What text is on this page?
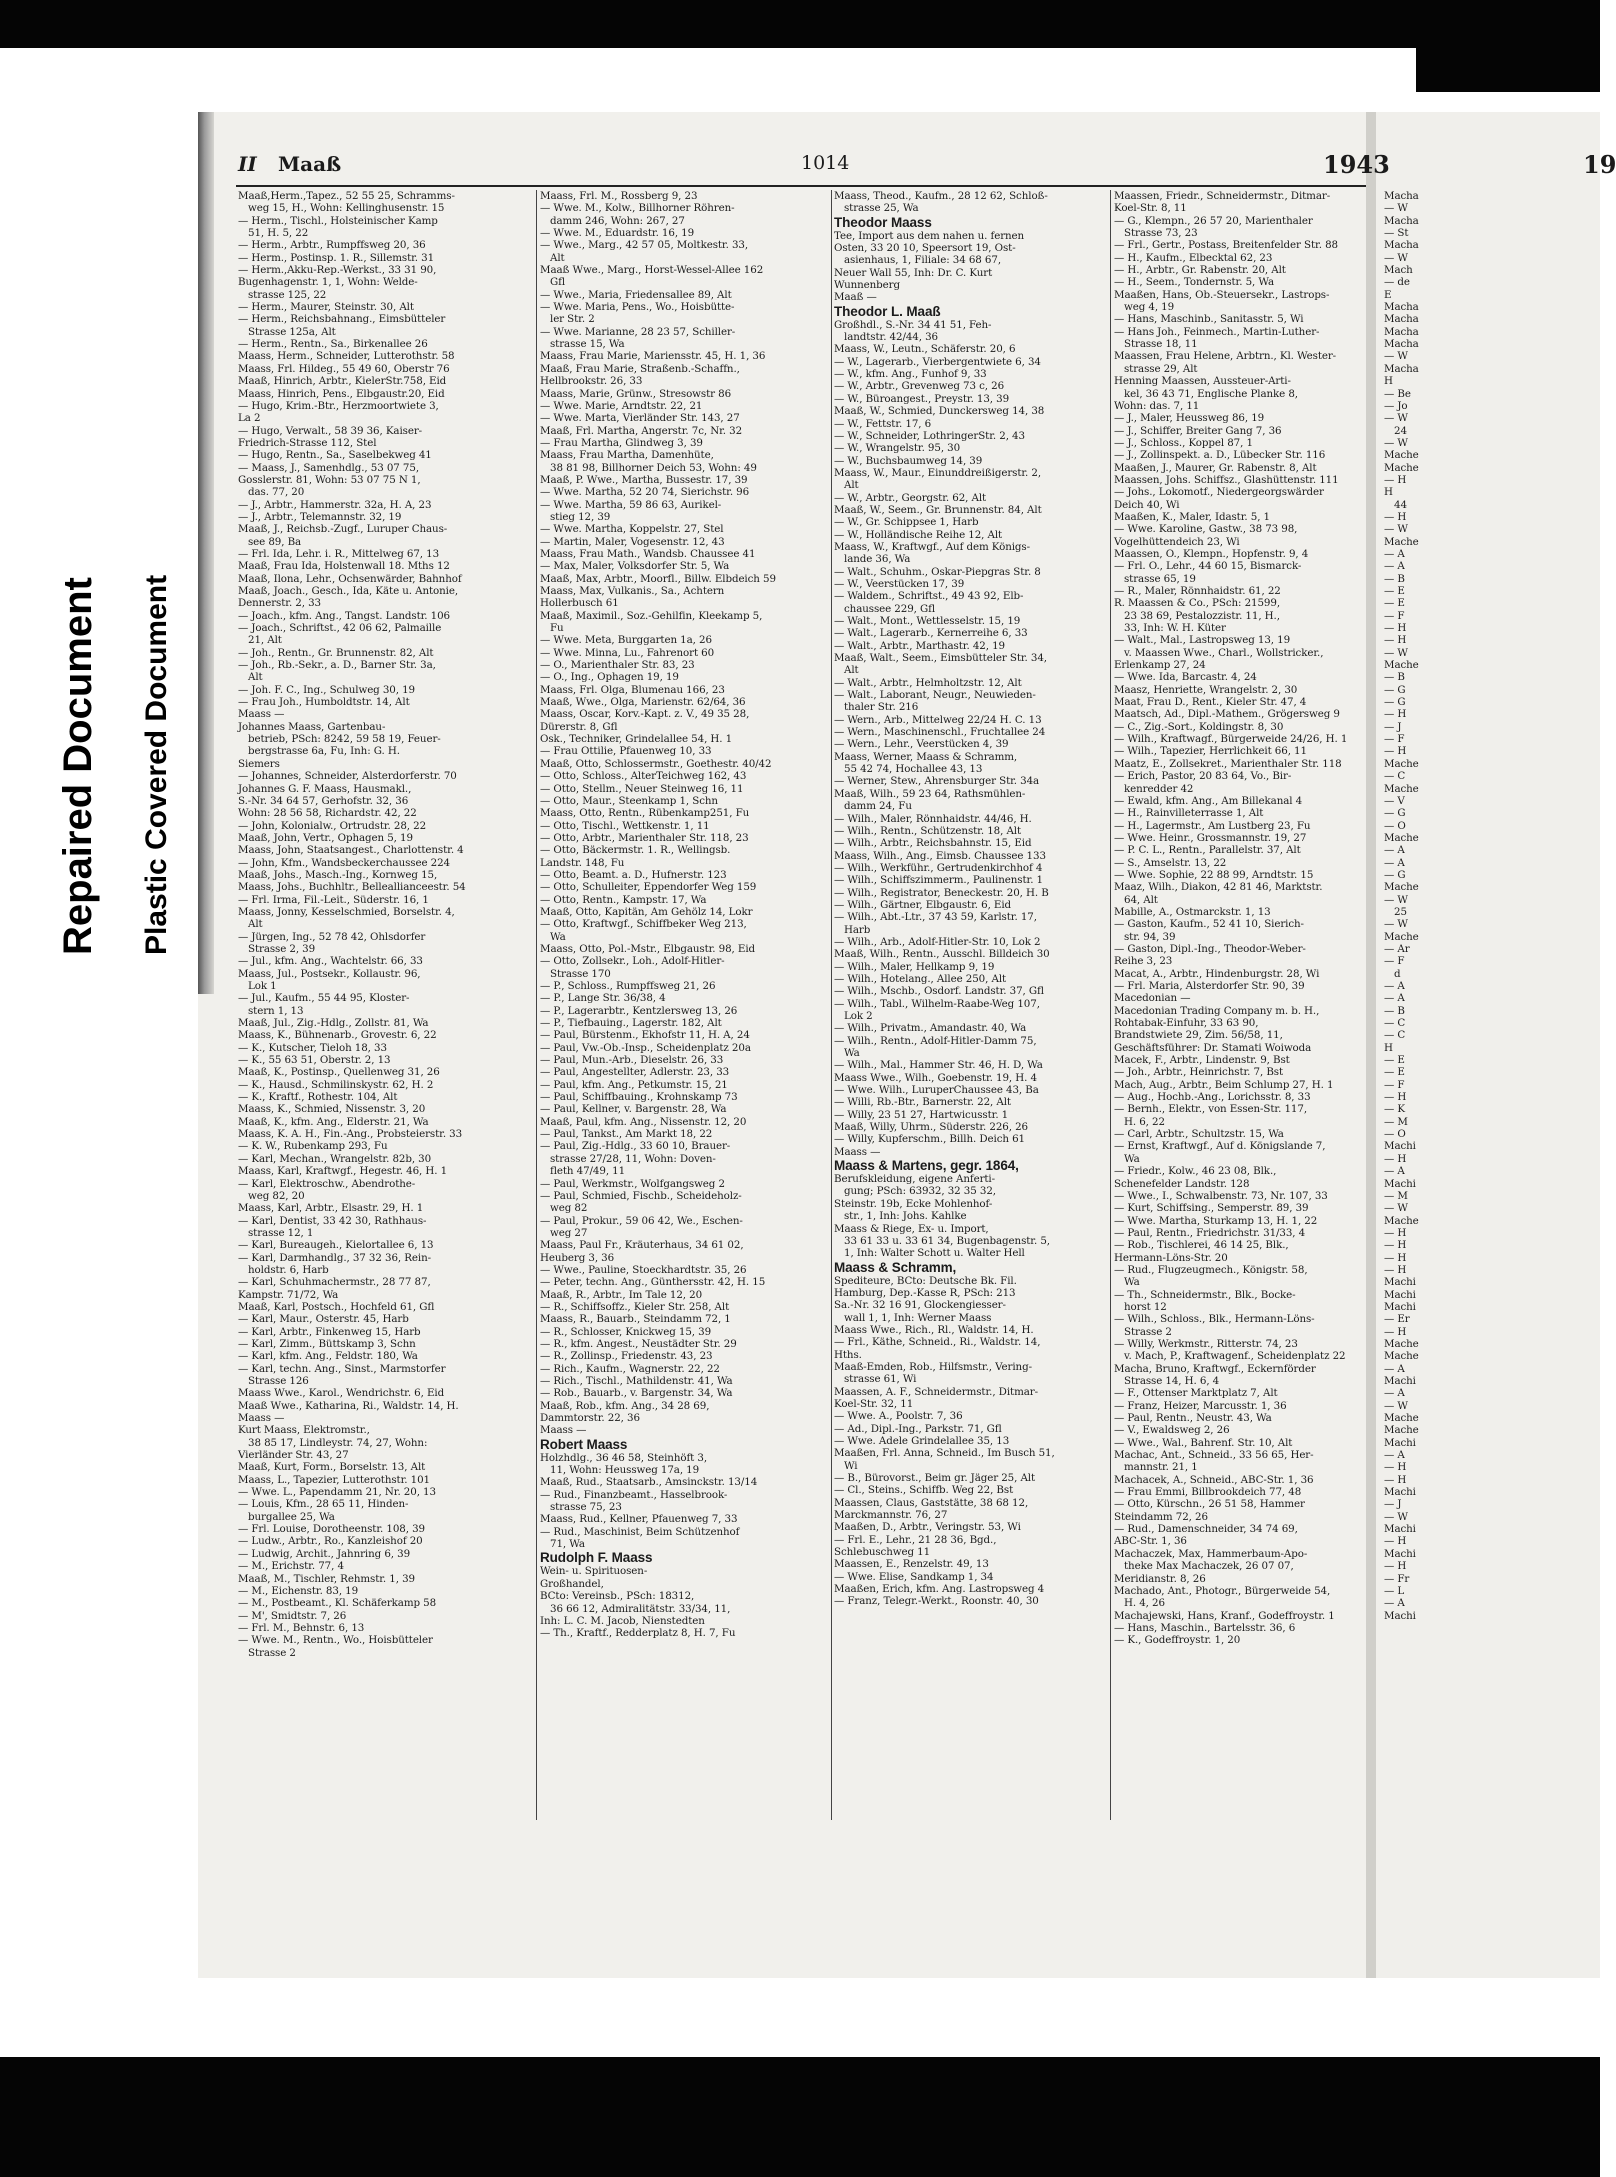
Repaired Document Plastic Covered Document
II Maaß	1014	1943	19
Maaß,Herm.,Tapez., 52 55 25, Schramms-
weg 15, H., Wohn: Kellinghusenstr. 15
— Herm., Tischl., Holsteinischer Kamp
51, H. 5, 22
— Herm., Arbtr., Rumpffsweg 20, 36
— Herm., Postinsp. 1. R., Sillemstr. 31
— Herm.,Akku-Rep.-Werkst., 33 31 90,
Bugenhagenstr. 1, 1, Wohn: Welde-
strasse 125, 22
— Herm., Maurer, Steinstr. 30, Alt
— Herm., Reichsbahnang., Eimsbütteler
Strasse 125a, Alt
— Herm., Rentn., Sa., Birkenallee 26
Maass, Herm., Schneider, Lutterothstr. 58
Maass, Frl. Hildeg., 55 49 60, Oberstr 76
Maaß, Hinrich, Arbtr., KielerStr.758, Eid
Maass, Hinrich, Pens., Elbgaustr.20, Eid
— Hugo, Krim.-Btr., Herzmoortwiete 3,
La 2
— Hugo, Verwalt., 58 39 36, Kaiser-
Friedrich-Strasse 112, Stel
— Hugo, Rentn., Sa., Saselbekweg 41
— Maass, J., Samenhdlg., 53 07 75,
Gosslerstr. 81, Wohn: 53 07 75 N 1,
das. 77, 20
— J., Arbtr., Hammerstr. 32a, H. A, 23
— J., Arbtr., Telemannstr. 32, 19
Maaß, J., Reichsb.-Zugf., Luruper Chaus-
see 89, Ba
— Frl. Ida, Lehr. i. R., Mittelweg 67, 13
Maaß, Frau Ida, Holstenwall 18. Mths 12
Maaß, Ilona, Lehr., Ochsenwärder, Bahnhof
Maaß, Joach., Gesch., Ida, Käte u. Antonie,
Dennerstr. 2, 33
— Joach., kfm. Ang., Tangst. Landstr. 106
— Joach., Schriftst., 42 06 62, Palmaille
21, Alt
— Joh., Rentn., Gr. Brunnenstr. 82, Alt
— Joh., Rb.-Sekr., a. D., Barner Str. 3a,
Alt
— Joh. F. C., Ing., Schulweg 30, 19
— Frau Joh., Humboldtstr. 14, Alt
Maass —
Johannes Maass, Gartenbau-
betrieb, PSch: 8242, 59 58 19, Feuer-
bergstrasse 6a, Fu, Inh: G. H.
Siemers
— Johannes, Schneider, Alsterdorferstr. 70
Johannes G. F. Maass, Hausmakl.,
S.-Nr. 34 64 57, Gerhofstr. 32, 36
Wohn: 28 56 58, Richardstr. 42, 22
— John, Kolonialw., Ortrudstr. 28, 22
Maaß, John, Vertr., Ophagen 5, 19
Maass, John, Staatsangest., Charlottenstr. 4
— John, Kfm., Wandsbeckerchaussee 224
Maaß, Johs., Masch.-Ing., Kornweg 15,
Maass, Johs., Buchhltr., Belleallianceestr. 54
— Frl. Irma, Fil.-Leit., Süderstr. 16, 1
Maass, Jonny, Kesselschmied, Borselstr. 4,
Alt
— Jürgen, Ing., 52 78 42, Ohlsdorfer
Strasse 2, 39
— Jul., kfm. Ang., Wachtelstr. 66, 33
Maass, Jul., Postsekr., Kollaustr. 96,
Lok 1
— Jul., Kaufm., 55 44 95, Kloster-
stern 1, 13
Maaß, Jul., Zig.-Hdlg., Zollstr. 81, Wa
Maass, K., Bühnenarb., Grovestr. 6, 22
— K., Kutscher, Tieloh 18, 33
— K., 55 63 51, Oberstr. 2, 13
Maaß, K., Postinsp., Quellenweg 31, 26
— K., Hausd., Schmilinskystr. 62, H. 2
— K., Kraftf., Rothestr. 104, Alt
Maass, K., Schmied, Nissenstr. 3, 20
Maaß, K., kfm. Ang., Elderstr. 21, Wa
Maass, K. A. H., Fin.-Ang., Probsteierstr. 33
— K. W., Rubenkamp 293, Fu
— Karl, Mechan., Wrangelstr. 82b, 30
Maass, Karl, Kraftwgf., Hegestr. 46, H. 1
— Karl, Elektroschw., Abendrothe-
weg 82, 20
Maass, Karl, Arbtr., Elsastr. 29, H. 1
— Karl, Dentist, 33 42 30, Rathhaus-
strasse 12, 1
— Karl, Bureaugeh., Kielortallee 6, 13
— Karl, Darmhandlg., 37 32 36, Rein-
holdstr. 6, Harb
— Karl, Schuhmachermstr., 28 77 87,
Kampstr. 71/72, Wa
Maaß, Karl, Postsch., Hochfeld 61, Gfl
— Karl, Maur., Osterstr. 45, Harb
— Karl, Arbtr., Finkenweg 15, Harb
— Karl, Zimm., Büttskamp 3, Schn
— Karl, kfm. Ang., Feldstr. 180, Wa
— Karl, techn. Ang., Sinst., Marmstorfer
Strasse 126
Maass Wwe., Karol., Wendrichstr. 6, Eid
Maaß Wwe., Katharina, Ri., Waldstr. 14, H.
Maass —
Kurt Maass, Elektromstr.,
38 85 17, Lindleystr. 74, 27, Wohn:
Vierländer Str. 43, 27
Maaß, Kurt, Form., Borselstr. 13, Alt
Maass, L., Tapezier, Lutterothstr. 101
— Wwe. L., Papendamm 21, Nr. 20, 13
— Louis, Kfm., 28 65 11, Hinden-
burgallee 25, Wa
— Frl. Louise, Dorotheenstr. 108, 39
— Ludw., Arbtr., Ro., Kanzleishof 20
— Ludwig, Archit., Jahnring 6, 39
— M., Erichstr. 77, 4
Maaß, M., Tischler, Rehmstr. 1, 39
— M., Eichenstr. 83, 19
— M., Postbeamt., Kl. Schäferkamp 58
— M', Smidtstr. 7, 26
— Frl. M., Behnstr. 6, 13
— Wwe. M., Rentn., Wo., Hoisbütteler
Strasse 2
Maass, Frl. M., Rossberg 9, 23
— Wwe. M., Kolw., Billhorner Röhren-
damm 246, Wohn: 267, 27
— Wwe. M., Eduardstr. 16, 19
— Wwe., Marg., 42 57 05, Moltkestr. 33,
Alt
Maaß Wwe., Marg., Horst-Wessel-Allee 162
Gfl
— Wwe., Maria, Friedensallee 89, Alt
— Wwe. Maria, Pens., Wo., Hoisbütte-
ler Str. 2
— Wwe. Marianne, 28 23 57, Schiller-
strasse 15, Wa
Maass, Frau Marie, Mariensstr. 45, H. 1, 36
Maaß, Frau Marie, Straßenb.-Schaffn.,
Hellbrookstr. 26, 33
Maass, Marie, Grünw., Stresowstr 86
— Wwe. Marie, Arndtstr. 22, 21
— Wwe. Marta, Vierländer Str. 143, 27
Maaß, Frl. Martha, Angerstr. 7c, Nr. 32
— Frau Martha, Glindweg 3, 39
Maass, Frau Martha, Damenhüte,
38 81 98, Billhorner Deich 53, Wohn: 49
Maaß, P. Wwe., Martha, Bussestr. 17, 39
— Wwe. Martha, 52 20 74, Sierichstr. 96
— Wwe. Martha, 59 86 63, Aurikel-
stieg 12, 39
— Wwe. Martha, Koppelstr. 27, Stel
— Martin, Maler, Vogesenstr. 12, 43
Maass, Frau Math., Wandsb. Chaussee 41
— Max, Maler, Volksdorfer Str. 5, Wa
Maaß, Max, Arbtr., Moorfl., Billw. Elbdeich 59
Maass, Max, Vulkanis., Sa., Achtern
Hollerbusch 61
Maaß, Maximil., Soz.-Gehilfin, Kleekamp 5,
Fu
— Wwe. Meta, Burggarten 1a, 26
— Wwe. Minna, Lu., Fahrenort 60
— O., Marienthaler Str. 83, 23
— O., Ing., Ophagen 19, 19
Maass, Frl. Olga, Blumenau 166, 23
Maaß, Wwe., Olga, Marienstr. 62/64, 36
Maass, Oscar, Korv.-Kapt. z. V., 49 35 28,
Dürerstr. 8, Gfl
Osk., Techniker, Grindelallee 54, H. 1
— Frau Ottilie, Pfauenweg 10, 33
Maaß, Otto, Schlossermstr., Goethestr. 40/42
— Otto, Schloss., AlterTeichweg 162, 43
— Otto, Stellm., Neuer Steinweg 16, 11
— Otto, Maur., Steenkamp 1, Schn
Maass, Otto, Rentn., Rübenkamp251, Fu
— Otto, Tischl., Wettkenstr. 1, 11
— Otto, Arbtr., Marienthaler Str. 118, 23
— Otto, Bäckermstr. 1. R., Wellingsb.
Landstr. 148, Fu
— Otto, Beamt. a. D., Hufnerstr. 123
— Otto, Schulleiter, Eppendorfer Weg 159
— Otto, Rentn., Kampstr. 17, Wa
Maaß, Otto, Kapitän, Am Gehölz 14, Lokr
— Otto, Kraftwgf., Schiffbeker Weg 213,
Wa
Maass, Otto, Pol.-Mstr., Elbgaustr. 98, Eid
— Otto, Zollsekr., Loh., Adolf-Hitler-
Strasse 170
— P., Schloss., Rumpffsweg 21, 26
— P., Lange Str. 36/38, 4
— P., Lagerarbtr., Kentzlersweg 13, 26
— P., Tiefbauing., Lagerstr. 182, Alt
— Paul, Bürstenm., Ekhofstr 11, H. A, 24
— Paul, Vw.-Ob.-Insp., Scheidenplatz 20a
— Paul, Mun.-Arb., Dieselstr. 26, 33
— Paul, Angestellter, Adlerstr. 23, 33
— Paul, kfm. Ang., Petkumstr. 15, 21
— Paul, Schiffbauing., Krohnskamp 73
— Paul, Kellner, v. Bargenstr. 28, Wa
Maaß, Paul, kfm. Ang., Nissenstr. 12, 20
— Paul, Tankst., Am Markt 18, 22
— Paul, Zig.-Hdlg., 33 60 10, Brauer-
strasse 27/28, 11, Wohn: Doven-
fleth 47/49, 11
— Paul, Werkmstr., Wolfgangsweg 2
— Paul, Schmied, Fischb., Scheideholz-
weg 82
— Paul, Prokur., 59 06 42, We., Eschen-
weg 27
Maass, Paul Fr., Kräuterhaus, 34 61 02,
Heuberg 3, 36
— Wwe., Pauline, Stoeckhardtstr. 35, 26
— Peter, techn. Ang., Günthersstr. 42, H. 15
Maaß, R., Arbtr., Im Tale 12, 20
— R., Schiffsoffz., Kieler Str. 258, Alt
Maass, R., Bauarb., Steindamm 72, 1
— R., Schlosser, Knickweg 15, 39
— R., kfm. Angest., Neustädter Str. 29
— R., Zollinsp., Friedenstr. 43, 23
— Rich., Kaufm., Wagnerstr. 22, 22
— Rich., Tischl., Mathildenstr. 41, Wa
— Rob., Bauarb., v. Bargenstr. 34, Wa
Maaß, Rob., kfm. Ang., 34 28 69,
Dammtorstr. 22, 36
Maass —
Robert Maass
Holzhdlg., 36 46 58, Steinhöft 3,
11, Wohn: Heussweg 17a, 19
Maaß, Rud., Staatsarb., Amsinckstr. 13/14
— Rud., Finanzbeamt., Hasselbrook-
strasse 75, 23
Maass, Rud., Kellner, Pfauenweg 7, 33
— Rud., Maschinist, Beim Schützenhof
71, Wa
Rudolph F. Maass
Wein- u. Spirituosen-
Großhandel,
BCto: Vereinsb., PSch: 18312,
36 66 12, Admiralitätstr. 33/34, 11,
Inh: L. C. M. Jacob, Nienstedten
— Th., Kraftf., Redderplatz 8, H. 7, Fu
Maass, Theod., Kaufm., 28 12 62, Schloß-
strasse 25, Wa
Theodor Maass
Tee, Import aus dem nahen u. fernen
Osten, 33 20 10, Speersort 19, Ost-
asienhaus, 1, Filiale: 34 68 67,
Neuer Wall 55, Inh: Dr. C. Kurt
Wunnenberg
Maaß —
Theodor L. Maaß
Großhdl., S.-Nr. 34 41 51, Feh-
landtstr. 42/44, 36
Maass, W., Leutn., Schäferstr. 20, 6
— W., Lagerarb., Vierbergentwiete 6, 34
— W., kfm. Ang., Funhof 9, 33
— W., Arbtr., Grevenweg 73 c, 26
— W., Büroangest., Preystr. 13, 39
Maaß, W., Schmied, Dunckersweg 14, 38
— W., Fettstr. 17, 6
— W., Schneider, LothringerStr. 2, 43
— W., Wrangelstr. 95, 30
— W., Buchsbaumweg 14, 39
Maass, W., Maur., Einunddreißigerstr. 2,
Alt
— W., Arbtr., Georgstr. 62, Alt
Maaß, W., Seem., Gr. Brunnenstr. 84, Alt
— W., Gr. Schippsee 1, Harb
— W., Holländische Reihe 12, Alt
Maass, W., Kraftwgf., Auf dem Königs-
lande 36, Wa
— Walt., Schuhm., Oskar-Piepgras Str. 8
— W., Veerstücken 17, 39
— Waldem., Schriftst., 49 43 92, Elb-
chaussee 229, Gfl
— Walt., Mont., Wettlesselstr. 15, 19
— Walt., Lagerarb., Kernerreihe 6, 33
— Walt., Arbtr., Marthastr. 42, 19
Maaß, Walt., Seem., Eimsbütteler Str. 34,
Alt
— Walt., Arbtr., Helmholtzstr. 12, Alt
— Walt., Laborant, Neugr., Neuwieden-
thaler Str. 216
— Wern., Arb., Mittelweg 22/24 H. C. 13
— Wern., Maschinenschl., Fruchtallee 24
— Wern., Lehr., Veerstücken 4, 39
Maass, Werner, Maass & Schramm,
55 42 74, Hochallee 43, 13
— Werner, Stew., Ahrensburger Str. 34a
Maaß, Wilh., 59 23 64, Rathsmühlen-
damm 24, Fu
— Wilh., Maler, Rönnhaidstr. 44/46, H.
— Wilh., Rentn., Schützenstr. 18, Alt
— Wilh., Arbtr., Reichsbahnstr. 15, Eid
Maass, Wilh., Ang., Eimsb. Chaussee 133
— Wilh., Werkführ., Gertrudenkirchhof 4
— Wilh., Schiffszimmerm., Paulinenstr. 1
— Wilh., Registrator, Beneckestr. 20, H. B
— Wilh., Gärtner, Elbgaustr. 6, Eid
— Wilh., Abt.-Ltr., 37 43 59, Karlstr. 17,
Harb
— Wilh., Arb., Adolf-Hitler-Str. 10, Lok 2
Maaß, Wilh., Rentn., Ausschl. Billdeich 30
— Wilh., Maler, Hellkamp 9, 19
— Wilh., Hotelang., Allee 250, Alt
— Wilh., Mschb., Osdorf. Landstr. 37, Gfl
— Wilh., Tabl., Wilhelm-Raabe-Weg 107,
Lok 2
— Wilh., Privatm., Amandastr. 40, Wa
— Wilh., Rentn., Adolf-Hitler-Damm 75,
Wa
— Wilh., Mal., Hammer Str. 46, H. D, Wa
Maass Wwe., Wilh., Goebenstr. 19, H. 4
— Wwe. Wilh., LuruperChaussee 43, Ba
— Willi, Rb.-Btr., Barnerstr. 22, Alt
— Willy, 23 51 27, Hartwicusstr. 1
Maaß, Willy, Uhrm., Süderstr. 226, 26
— Willy, Kupferschm., Billh. Deich 61
Maass —
Maass & Martens, gegr. 1864,
Berufskleidung, eigene Anferti-
gung; PSch: 63932, 32 35 32,
Steinstr. 19b, Ecke Mohlenhof-
str., 1, Inh: Johs. Kahlke
Maass & Riege, Ex- u. Import,
33 61 33 u. 33 61 34, Bugenbagenstr. 5,
1, Inh: Walter Schott u. Walter Hell
Maass & Schramm,
Spediteure, BCto: Deutsche Bk. Fil.
Hamburg, Dep.-Kasse R, PSch: 213
Sa.-Nr. 32 16 91, Glockengiesser-
wall 1, 1, Inh: Werner Maass
Maass Wwe., Rich., Rl., Waldstr. 14, H.
— Frl., Käthe, Schneid., Ri., Waldstr. 14,
Hths.
Maaß-Emden, Rob., Hilfsmstr., Vering-
strasse 61, Wi
Maassen, A. F., Schneidermstr., Ditmar-
Koel-Str. 32, 11
— Wwe. A., Poolstr. 7, 36
— Ad., Dipl.-Ing., Parkstr. 71, Gfl
— Wwe. Adele Grindelallee 35, 13
Maaßen, Frl. Anna, Schneid., Im Busch 51,
Wi
— B., Bürovorst., Beim gr. Jäger 25, Alt
— Cl., Steins., Schiffb. Weg 22, Bst
Maassen, Claus, Gaststätte, 38 68 12,
Marckmannstr. 76, 27
Maaßen, D., Arbtr., Veringstr. 53, Wi
— Frl. E., Lehr., 21 28 36, Bgd.,
Schlebuschweg 11
Maassen, E., Renzelstr. 49, 13
— Wwe. Elise, Sandkamp 1, 34
Maaßen, Erich, kfm. Ang. Lastropsweg 4
— Franz, Telegr.-Werkt., Roonstr. 40, 30
Maassen, Friedr., Schneidermstr., Ditmar-
Koel-Str. 8, 11
— G., Klempn., 26 57 20, Marienthaler
Strasse 73, 23
— Frl., Gertr., Postass, Breitenfelder Str. 88
— H., Kaufm., Elbecktal 62, 23
— H., Arbtr., Gr. Rabenstr. 20, Alt
— H., Seem., Tondernstr. 5, Wa
Maaßen, Hans, Ob.-Steuersekr., Lastrops-
weg 4, 19
— Hans, Maschinb., Sanitasstr. 5, Wi
— Hans Joh., Feinmech., Martin-Luther-
Strasse 18, 11
Maassen, Frau Helene, Arbtrn., Kl. Wester-
strasse 29, Alt
Henning Maassen, Aussteuer-Arti-
kel, 36 43 71, Englische Planke 8,
Wohn: das. 7, 11
— J., Maler, Heussweg 86, 19
— J., Schiffer, Breiter Gang 7, 36
— J., Schloss., Koppel 87, 1
— J., Zollinspekt. a. D., Lübecker Str. 116
Maaßen, J., Maurer, Gr. Rabenstr. 8, Alt
Maassen, Johs. Schiffsz., Glashüttenstr. 111
— Johs., Lokomotf., Niedergeorgswärder
Deich 40, Wi
Maaßen, K., Maler, Idastr. 5, 1
— Wwe. Karoline, Gastw., 38 73 98,
Vogelhüttendeich 23, Wi
Maassen, O., Klempn., Hopfenstr. 9, 4
— Frl. O., Lehr., 44 60 15, Bismarck-
strasse 65, 19
— R., Maler, Rönnhaidstr. 61, 22
R. Maassen & Co., PSch: 21599,
23 38 69, Pestalozzistr. 11, H.,
33, Inh: W. H. Küter
— Walt., Mal., Lastropsweg 13, 19
v. Maassen Wwe., Charl., Wollstricker.,
Erlenkamp 27, 24
— Wwe. Ida, Barcastr. 4, 24
Maasz, Henriette, Wrangelstr. 2, 30
Maat, Frau D., Rent., Kieler Str. 47, 4
Maatsch, Ad., Dipl.-Mathem., Grögersweg 9
— C., Zig.-Sort., Koldingstr. 8, 30
— Wilh., Kraftwagf., Bürgerweide 24/26, H. 1
— Wilh., Tapezier, Herrlichkeit 66, 11
Maatz, E., Zollsekret., Marienthaler Str. 118
— Erich, Pastor, 20 83 64, Vo., Bir-
kenredder 42
— Ewald, kfm. Ang., Am Billekanal 4
— H., Rainvilleterrasse 1, Alt
— H., Lagermstr., Am Lustberg 23, Fu
— Wwe. Heinr., Grossmannstr. 19, 27
— P. C. L., Rentn., Parallelstr. 37, Alt
— S., Amselstr. 13, 22
— Wwe. Sophie, 22 88 99, Arndtstr. 15
Maaz, Wilh., Diakon, 42 81 46, Marktstr.
64, Alt
Mabille, A., Ostmarckstr. 1, 13
— Gaston, Kaufm., 52 41 10, Sierich-
str. 94, 39
— Gaston, Dipl.-Ing., Theodor-Weber-
Reihe 3, 23
Macat, A., Arbtr., Hindenburgstr. 28, Wi
— Frl. Maria, Alsterdorfer Str. 90, 39
Macedonian —
Macedonian Trading Company m. b. H.,
Rohtabak-Einfuhr, 33 63 90,
Brandstwiete 29, Zim. 56/58, 11,
Geschäftsführer: Dr. Stamati Woiwoda
Macek, F., Arbtr., Lindenstr. 9, Bst
— Joh., Arbtr., Heinrichstr. 7, Bst
Mach, Aug., Arbtr., Beim Schlump 27, H. 1
— Aug., Hochb.-Ang., Lorichsstr. 8, 33
— Bernh., Elektr., von Essen-Str. 117,
H. 6, 22
— Carl, Arbtr., Schultzstr. 15, Wa
— Ernst, Kraftwgf., Auf d. Königslande 7,
Wa
— Friedr., Kolw., 46 23 08, Blk.,
Schenefelder Landstr. 128
— Wwe., I., Schwalbenstr. 73, Nr. 107, 33
— Kurt, Schiffsing., Semperstr. 89, 39
— Wwe. Martha, Sturkamp 13, H. 1, 22
— Paul, Rentn., Friedrichstr. 31/33, 4
— Rob., Tischlerei, 46 14 25, Blk.,
Hermann-Löns-Str. 20
— Rud., Flugzeugmech., Königstr. 58,
Wa
— Th., Schneidermstr., Blk., Bocke-
horst 12
— Wilh., Schloss., Blk., Hermann-Löns-
Strasse 2
— Willy, Werkmstr., Ritterstr. 74, 23
v. Mach, P., Kraftwagenf., Scheidenplatz 22
Macha, Bruno, Kraftwgf., Eckernförder
Strasse 14, H. 6, 4
— F., Ottenser Marktplatz 7, Alt
— Franz, Heizer, Marcusstr. 1, 36
— Paul, Rentn., Neustr. 43, Wa
— V., Ewaldsweg 2, 26
— Wwe., Wal., Bahrenf. Str. 10, Alt
Machac, Ant., Schneid., 33 56 65, Her-
mannstr. 21, 1
Machacek, A., Schneid., ABC-Str. 1, 36
— Frau Emmi, Billbrookdeich 77, 48
— Otto, Kürschn., 26 51 58, Hammer
Steindamm 72, 26
— Rud., Damenschneider, 34 74 69,
ABC-Str. 1, 36
Machaczek, Max, Hammerbaum-Apo-
theke Max Machaczek, 26 07 07,
Meridianstr. 8, 26
Machado, Ant., Photogr., Bürgerweide 54,
H. 4, 26
Machajewski, Hans, Kranf., Godeffroystr. 1
— Hans, Maschin., Bartelsstr. 36, 6
— K., Godeffroystr. 1, 20
Macha
— W
Macha
— St
Macha
— W
Mach
— de
E
Macha
Macha
Macha
Macha
— W
Macha
H
— Be
— Jo
— W
24
— W
Mache
Mache
— H
H
44
— H
— W
Mache
— A
— A
— B
— E
— E
— F
— H
— H
— W
Mache
— B
— G
— G
— H
— J
— F
— H
Mache
— C
Mache
— V
— G
— O
Mache
— A
— A
— G
Mache
— W
25
— W
Mache
— Ar
— F
d
— A
— A
— B
— C
— C
H
— E
— E
— F
— H
— K
— M
— O
Machi
— H
— A
Machi
— M
— W
Mache
— H
— H
— H
— H
Machi
Machi
Machi
— Er
— H
Mache
Mache
— A
Machi
— A
— W
Mache
Mache
Machi
— A
— H
— H
Machi
— J
— W
Machi
— H
Machi
— H
— Fr
— L
— A
Machi
